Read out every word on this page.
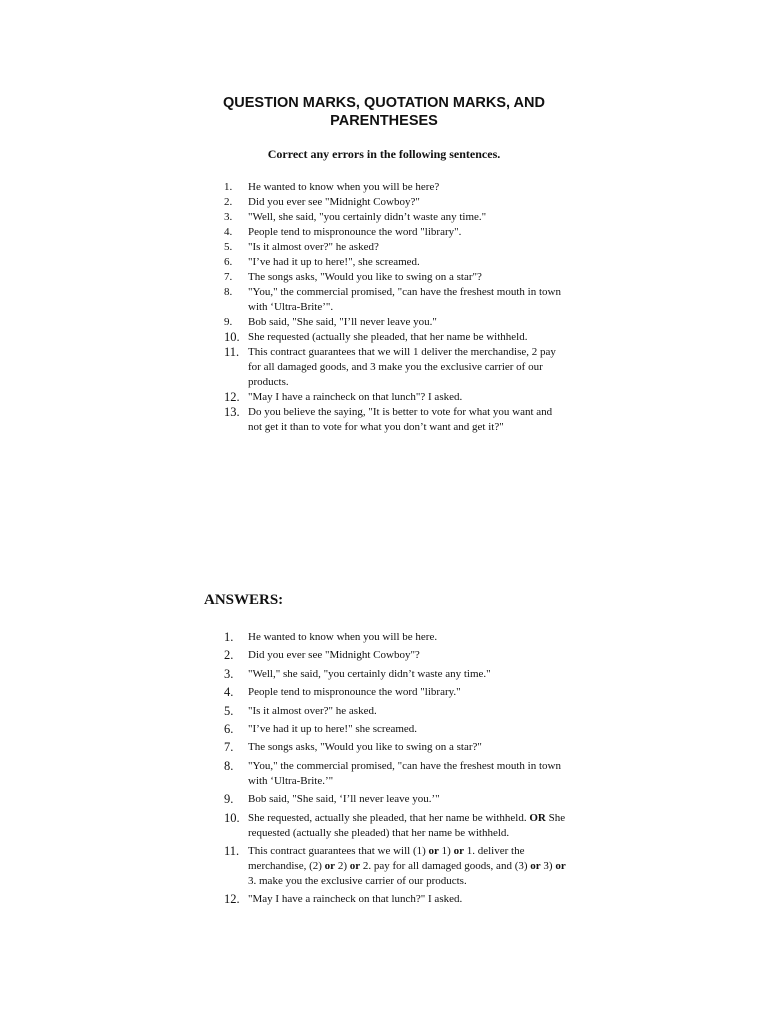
QUESTION MARKS, QUOTATION MARKS, AND
PARENTHESES
Correct any errors in the following sentences.
1.	He wanted to know when you will be here?
2.	Did you ever see "Midnight Cowboy?"
3.	"Well, she said, "you certainly didn’t waste any time."
4.	People tend to mispronounce the word "library".
5.	"Is it almost over?" he asked?
6.	"I’ve had it up to here!", she screamed.
7.	The songs asks, "Would you like to swing on a star"?
8.	"You," the commercial promised, "can have the freshest mouth in town with ‘Ultra-Brite’".
9.	Bob said, "She said, "I’ll never leave you."
10. She requested (actually she pleaded, that her name be withheld.
11. This contract guarantees that we will 1 deliver the merchandise, 2 pay for all damaged goods, and 3 make you the exclusive carrier of our products.
12. "May I have a raincheck on that lunch"? I asked.
13. Do you believe the saying, "It is better to vote for what you want and not get it than to vote for what you don’t want and get it?"
ANSWERS:
1.	He wanted to know when you will be here.
2.	Did you ever see "Midnight Cowboy"?
3.	"Well," she said, "you certainly didn’t waste any time."
4.	People tend to mispronounce the word "library."
5.	"Is it almost over?" he asked.
6.	"I’ve had it up to here!" she screamed.
7.	The songs asks, "Would you like to swing on a star?"
8.	"You," the commercial promised, "can have the freshest mouth in town with ‘Ultra-Brite.’"
9.	Bob said, "She said, ‘I’ll never leave you.’"
10. She requested, actually she pleaded, that her name be withheld. OR She requested (actually she pleaded) that her name be withheld.
11. This contract guarantees that we will (1) or 1) or 1. deliver the merchandise, (2) or 2) or 2. pay for all damaged goods, and (3) or 3) or 3. make you the exclusive carrier of our products.
12. "May I have a raincheck on that lunch?" I asked.
